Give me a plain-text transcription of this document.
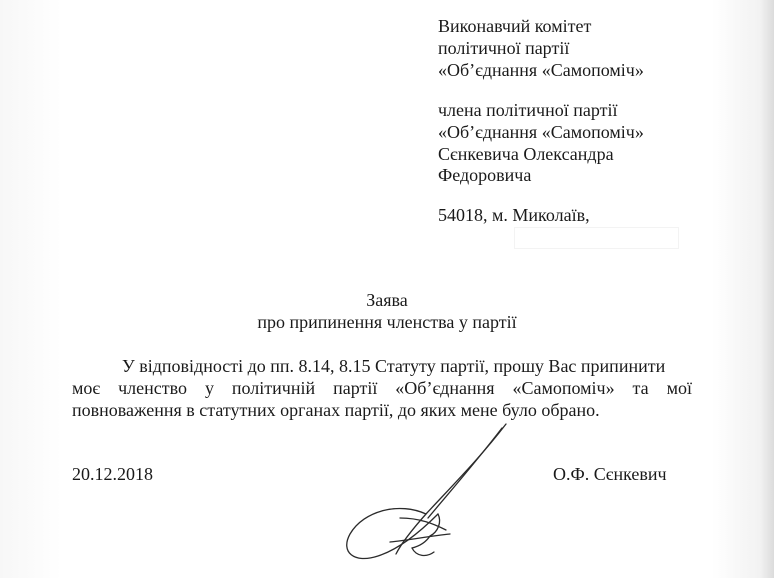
Виконавчий комітет
політичної партії
«Об’єднання «Самопоміч»
члена політичної партії
«Об’єднання «Самопоміч»
Сєнкевича Олександра
Федоровича
54018, м. Миколаїв,
Заява
про припинення членства у партії
У відповідності до пп. 8.14, 8.15 Статуту партії, прошу Вас припинити
моє членство у політичній партії «Об’єднання «Самопоміч» та мої
повноваження в статутних органах партії, до яких мене було обрано.
20.12.2018	О.Ф. Сєнкевич
